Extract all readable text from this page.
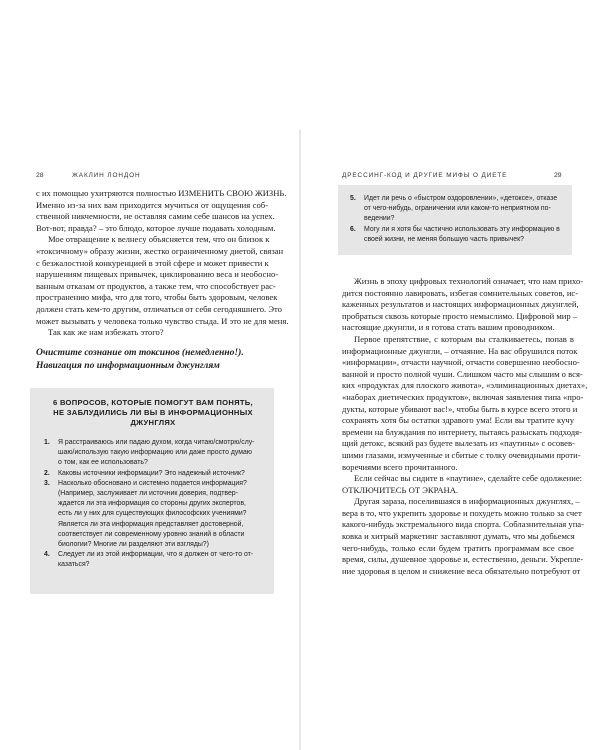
28	ЖАКЛИН ЛОНДОН
с их помощью ухитряются полностью ИЗМЕНИТЬ СВОЮ ЖИЗНЬ.
Именно из-за них вам приходится мучиться от ощущения соб-
ственной никчемности, не оставляя самим себе шансов на успех.
Вот-вот, правда? – это блюдо, которое лучше подавать холодным.
Мое отвращение к велнесу объясняется тем, что он близок к
«токсичному» образу жизни, жестко ограниченному диетой, связан
с безжалостной конкуренцией в этой сфере и может привести к
нарушениям пищевых привычек, циклированию веса и необосно-
ванным отказам от продуктов, а также тем, что способствует рас-
пространению мифа, что для того, чтобы быть здоровым, человек
должен стать кем-то другим, отличаться от себя сегодняшнего. Это
может вызывать у человека только чувство стыда. И это не для меня.
Так как же нам избежать этого?
Очистите сознание от токсинов (немедленно!).
Навигация по информационным джунглям
6 ВОПРОСОВ, КОТОРЫЕ ПОМОГУТ ВАМ ПОНЯТЬ,
НЕ ЗАБЛУДИЛИСЬ ЛИ ВЫ В ИНФОРМАЦИОННЫХ ДЖУНГЛЯХ
1. Я расстраиваюсь или падаю духом, когда читаю/смотрю/слу-
шаю/использую такую информацию или даже просто думаю
о том, как ее использовать?
2. Каковы источники информации? Это надежный источник?
3. Насколько обосновано и системно подается информация?
(Например, заслуживает ли источник доверия, подтвер-
ждается ли эта информация со стороны других экспертов,
есть ли у них для существующих философских учениями?
Является ли эта информация представляет достоверной,
соответствует ли современному уровню знаний в области
биологии? Многие ли разделяют эти взгляды?)
4. Следует ли из этой информации, что я должен от чего-то от-
казаться?
ДРЕССИНГ-КОД И ДРУГИЕ МИФЫ О ДИЕТЕ	29
5. Идет ли речь о «быстром оздоровлении», «детоксе», отказе
от чего-нибудь, ограничении или каком-то неприятном по-
ведении?
6. Могу ли я хотя бы частично использовать эту информацию в
своей жизни, не меняя большую часть привычек?
Жизнь в эпоху цифровых технологий означает, что нам прихо-
дится постоянно лавировать, избегая сомнительных советов, ис-
каженных результатов и настоящих информационных джунглей,
пробраться сквозь которые просто немыслимо. Цифровой мир –
настоящие джунгли, и я готова стать вашим проводником.
Первое препятствие, с которым вы сталкиваетесь, попав в
информационные джунгли, – отчаяние. На вас обрушился поток
«информации», отчасти научной, отчасти совершенно необосно-
ванной и просто полной чуши. Слишком часто мы слышим о вся-
ких «продуктах для плоского живота», «элиминационных диетах»,
«наборах диетических продуктов», включая заявления типа «про-
дукты, которые убивают вас!», чтобы быть в курсе всего этого и
сохранять хотя бы остатки здравого ума! Если вы тратите кучу
времени на блуждания по интернету, пытаясь разыскать подходя-
щий детокс, всякий раз будете вылезать из «паутины» с осовев-
шими глазами, измученные и сбитые с толку очевидными проти-
воречиями всего прочитанного.
Если сейчас вы сидите в «паутине», сделайте себе одолжение:
ОТКЛЮЧИТЕСЬ ОТ ЭКРАНА.
Другая зараза, поселившаяся в информационных джунглях, –
вера в то, что укрепить здоровье и похудеть можно только за счет
какого-нибудь экстремального вида спорта. Соблазнительная упа-
ковка и хитрый маркетинг заставляют думать, что мы добьемся
чего-нибудь, только если будем тратить программам все свое
время, силы, душевное здоровье и, естественно, деньги. Укрепле-
ние здоровья в целом и снижение веса обязательно потребуют от
